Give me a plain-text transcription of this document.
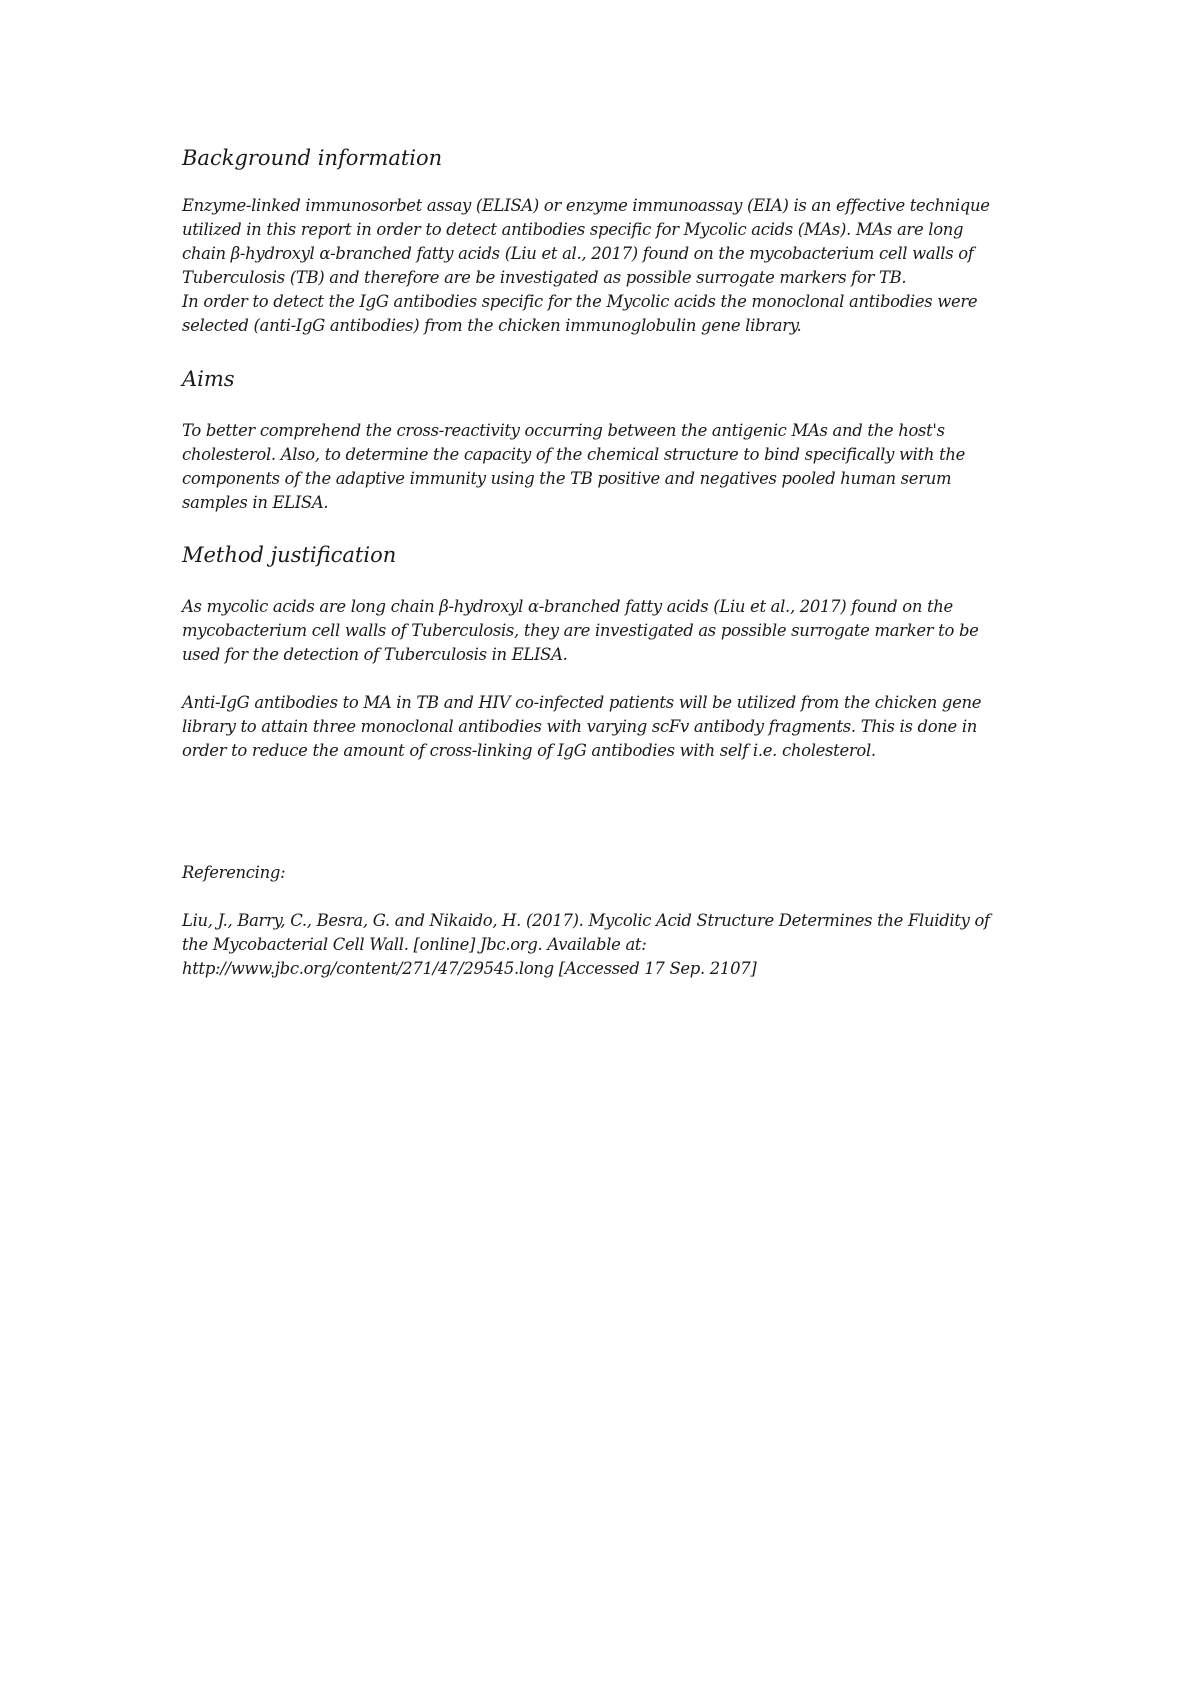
Background information

Enzyme-linked immunosorbet assay (ELISA) or enzyme immunoassay (EIA) is an effective technique
utilized in this report in order to detect antibodies specific for Mycolic acids (MAs). MAs are long
chain β-hydroxyl α-branched fatty acids (Liu et al., 2017) found on the mycobacterium cell walls of
Tuberculosis (TB) and therefore are be investigated as possible surrogate markers for TB.
In order to detect the IgG antibodies specific for the Mycolic acids the monoclonal antibodies were
selected (anti-IgG antibodies) from the chicken immunoglobulin gene library.

Aims

To better comprehend the cross-reactivity occurring between the antigenic MAs and the host's
cholesterol. Also, to determine the capacity of the chemical structure to bind specifically with the
components of the adaptive immunity using the TB positive and negatives pooled human serum
samples in ELISA.

Method justification

As mycolic acids are long chain β-hydroxyl α-branched fatty acids (Liu et al., 2017) found on the
mycobacterium cell walls of Tuberculosis, they are investigated as possible surrogate marker to be
used for the detection of Tuberculosis in ELISA.

Anti-IgG antibodies to MA in TB and HIV co-infected patients will be utilized from the chicken gene
library to attain three monoclonal antibodies with varying scFv antibody fragments. This is done in
order to reduce the amount of cross-linking of IgG antibodies with self i.e. cholesterol.

Referencing:

Liu, J., Barry, C., Besra, G. and Nikaido, H. (2017). Mycolic Acid Structure Determines the Fluidity of
the Mycobacterial Cell Wall. [online] Jbc.org. Available at:
http://www.jbc.org/content/271/47/29545.long [Accessed 17 Sep. 2107]
